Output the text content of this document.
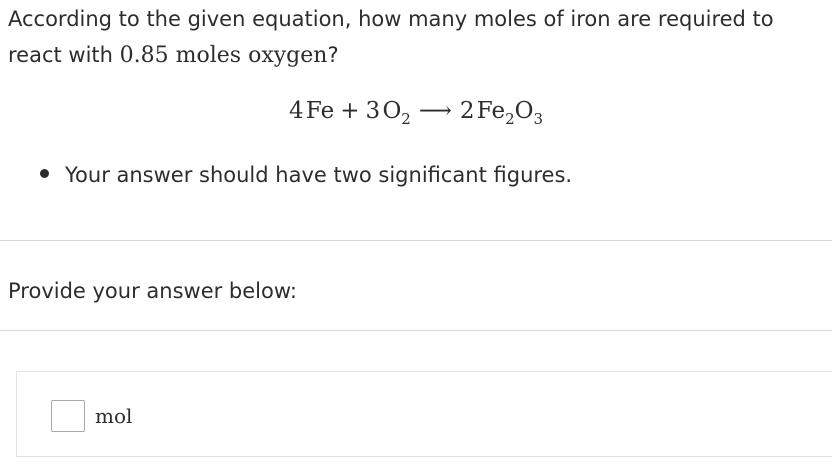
According to the given equation, how many moles of iron are required to
react with 0.85 moles oxygen?
4 Fe + 3 $O_2$ ⟶ 2 $Fe_2O_3$
Your answer should have two significant figures.
Provide your answer below:
mol
